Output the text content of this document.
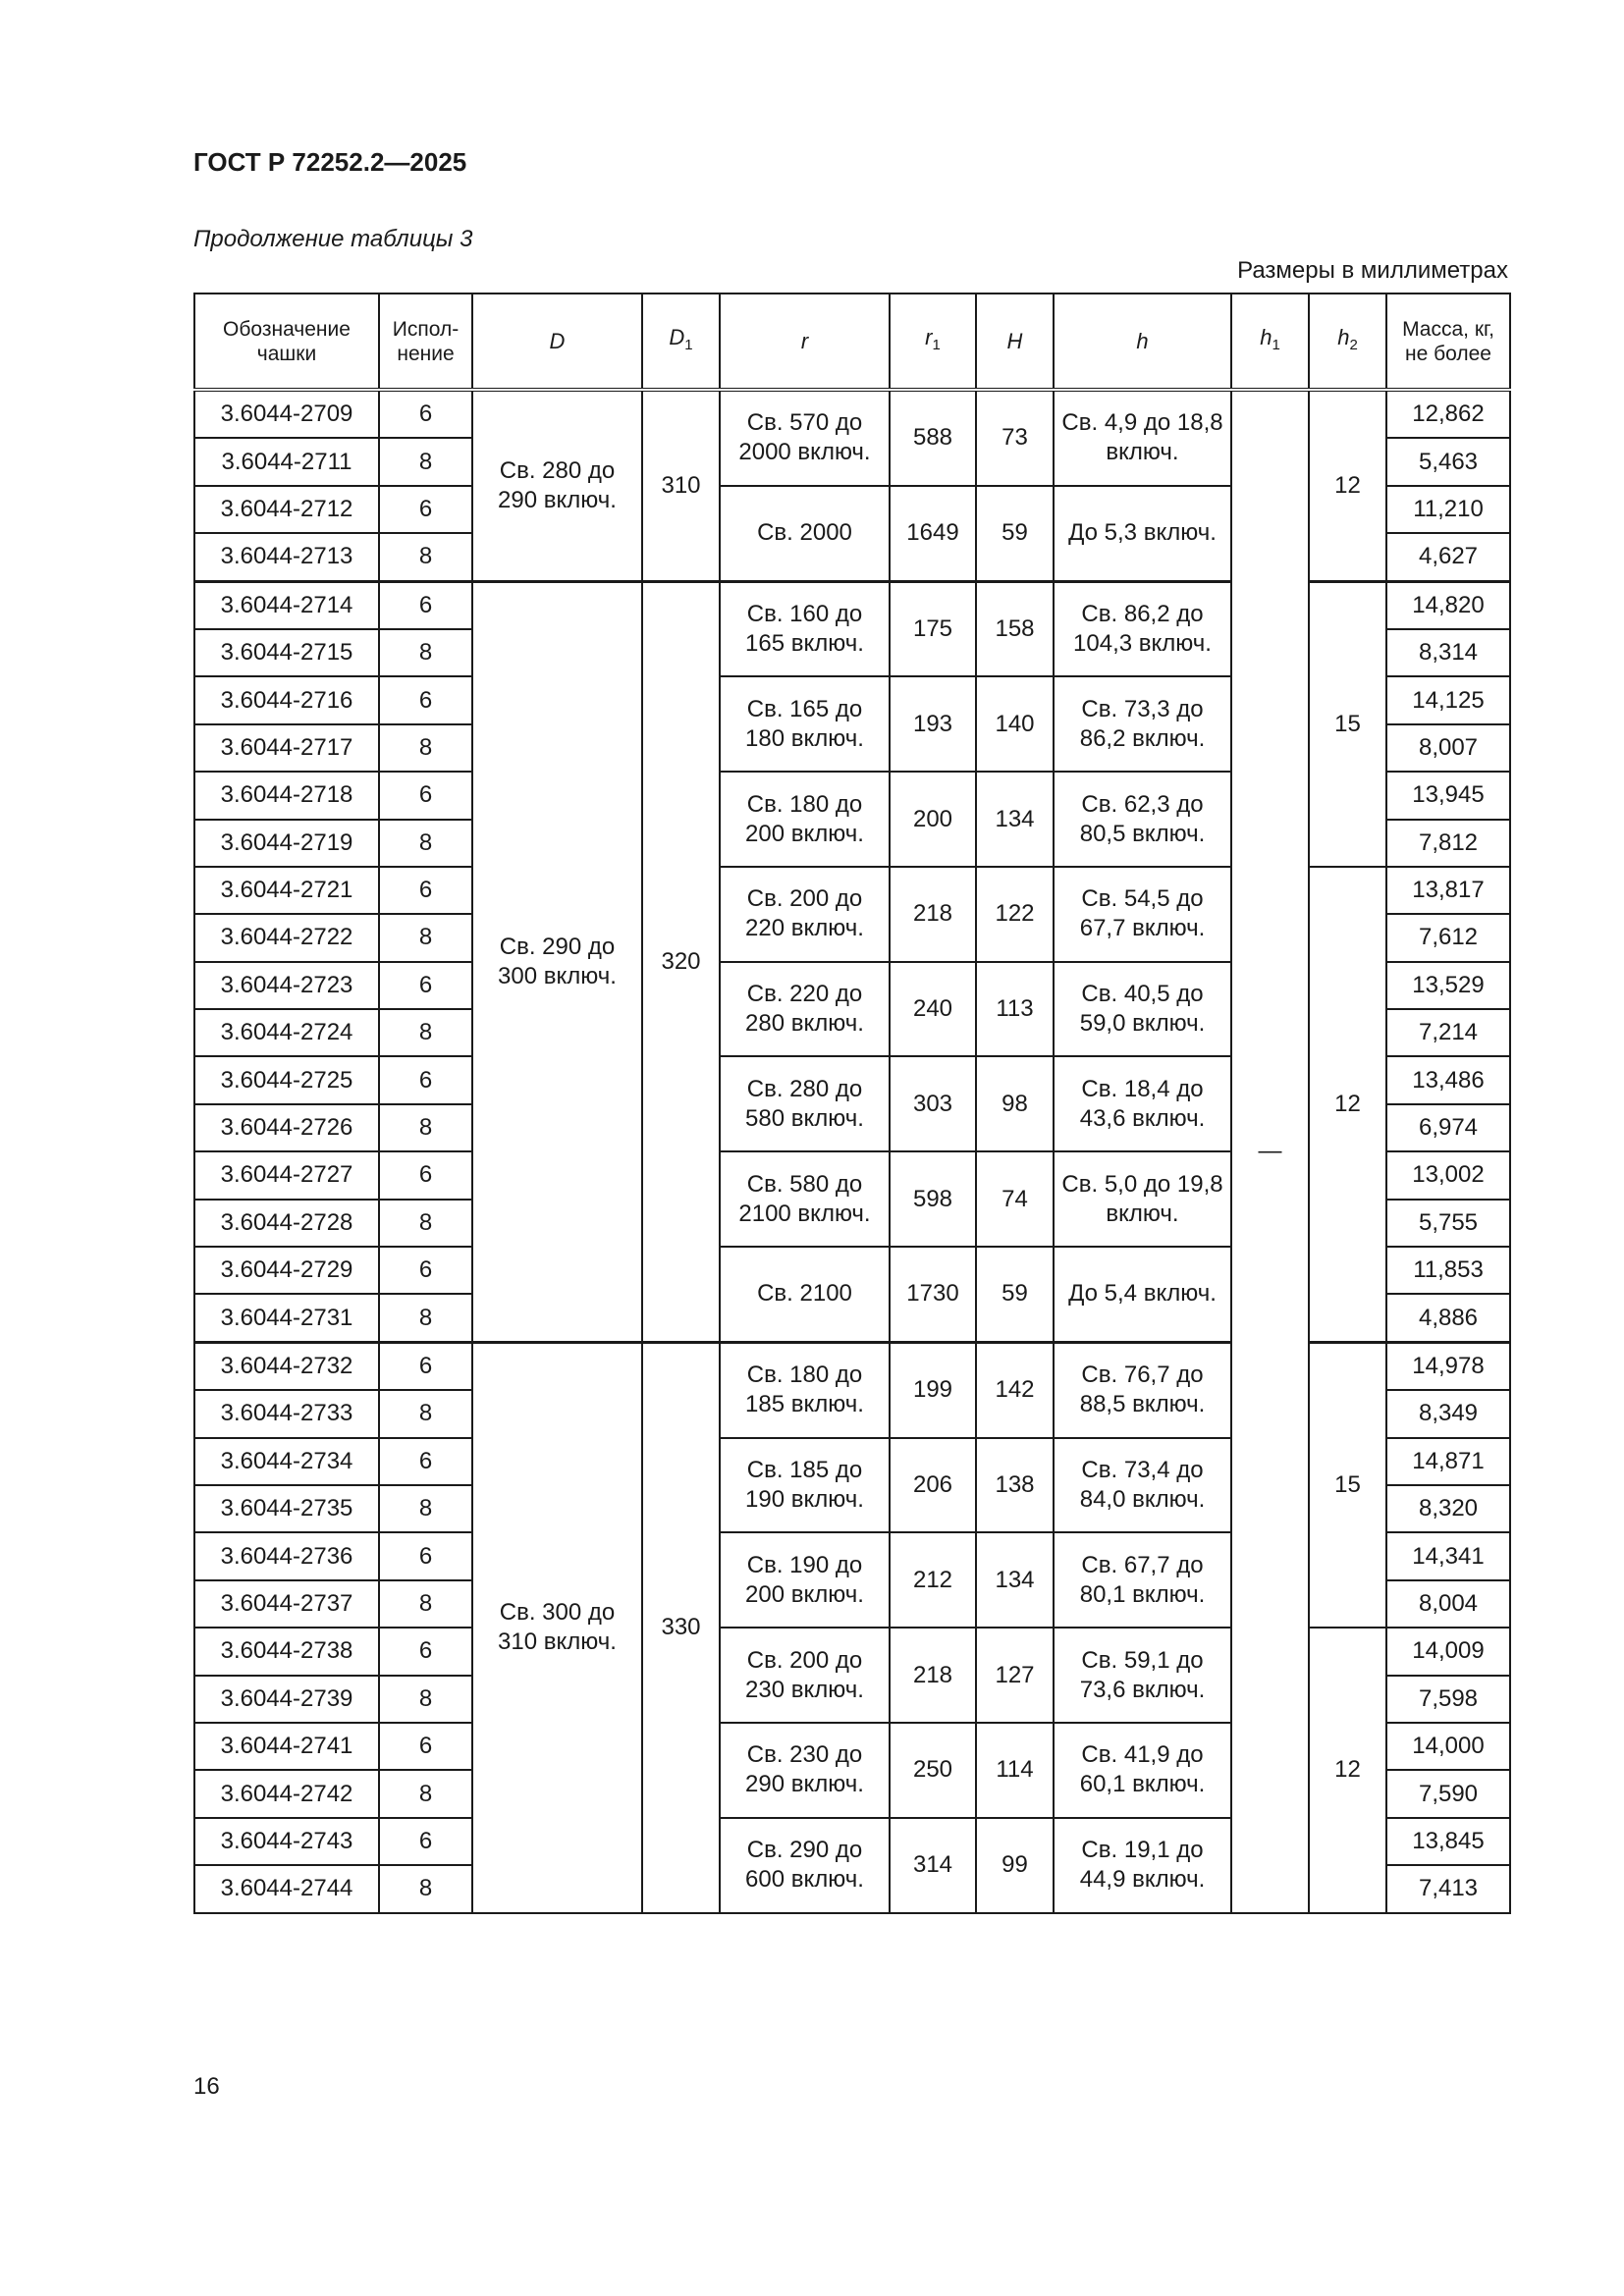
ГОСТ Р 72252.2—2025
Продолжение таблицы 3
Размеры в миллиметрах
Обозначение чашки	Испол-нение	D	$D_1$	r	$r_1$	H	h	$h_1$	$h_2$	Масса, кг, не более
3.6044-2709	6	Св. 280 до 290 включ.	310	Св. 570 до 2000 включ.	588	73	Св. 4,9 до 18,8 включ.	—	12	12,862
3.6044-2711	8									5,463
3.6044-2712	6			Св. 2000	1649	59	До 5,3 включ.			11,210
3.6044-2713	8									4,627
3.6044-2714	6	Св. 290 до 300 включ.	320	Св. 160 до 165 включ.	175	158	Св. 86,2 до 104,3 включ.		15	14,820
3.6044-2715	8									8,314
3.6044-2716	6			Св. 165 до 180 включ.	193	140	Св. 73,3 до 86,2 включ.			14,125
3.6044-2717	8									8,007
3.6044-2718	6			Св. 180 до 200 включ.	200	134	Св. 62,3 до 80,5 включ.			13,945
3.6044-2719	8									7,812
3.6044-2721	6			Св. 200 до 220 включ.	218	122	Св. 54,5 до 67,7 включ.		12	13,817
3.6044-2722	8									7,612
3.6044-2723	6			Св. 220 до 280 включ.	240	113	Св. 40,5 до 59,0 включ.			13,529
3.6044-2724	8									7,214
3.6044-2725	6			Св. 280 до 580 включ.	303	98	Св. 18,4 до 43,6 включ.			13,486
3.6044-2726	8									6,974
3.6044-2727	6			Св. 580 до 2100 включ.	598	74	Св. 5,0 до 19,8 включ.			13,002
3.6044-2728	8									5,755
3.6044-2729	6			Св. 2100	1730	59	До 5,4 включ.			11,853
3.6044-2731	8									4,886
3.6044-2732	6	Св. 300 до 310 включ.	330	Св. 180 до 185 включ.	199	142	Св. 76,7 до 88,5 включ.		15	14,978
3.6044-2733	8									8,349
3.6044-2734	6			Св. 185 до 190 включ.	206	138	Св. 73,4 до 84,0 включ.			14,871
3.6044-2735	8									8,320
3.6044-2736	6			Св. 190 до 200 включ.	212	134	Св. 67,7 до 80,1 включ.			14,341
3.6044-2737	8									8,004
3.6044-2738	6			Св. 200 до 230 включ.	218	127	Св. 59,1 до 73,6 включ.		12	14,009
3.6044-2739	8									7,598
3.6044-2741	6			Св. 230 до 290 включ.	250	114	Св. 41,9 до 60,1 включ.			14,000
3.6044-2742	8									7,590
3.6044-2743	6			Св. 290 до 600 включ.	314	99	Св. 19,1 до 44,9 включ.			13,845
3.6044-2744	8									7,413
16
